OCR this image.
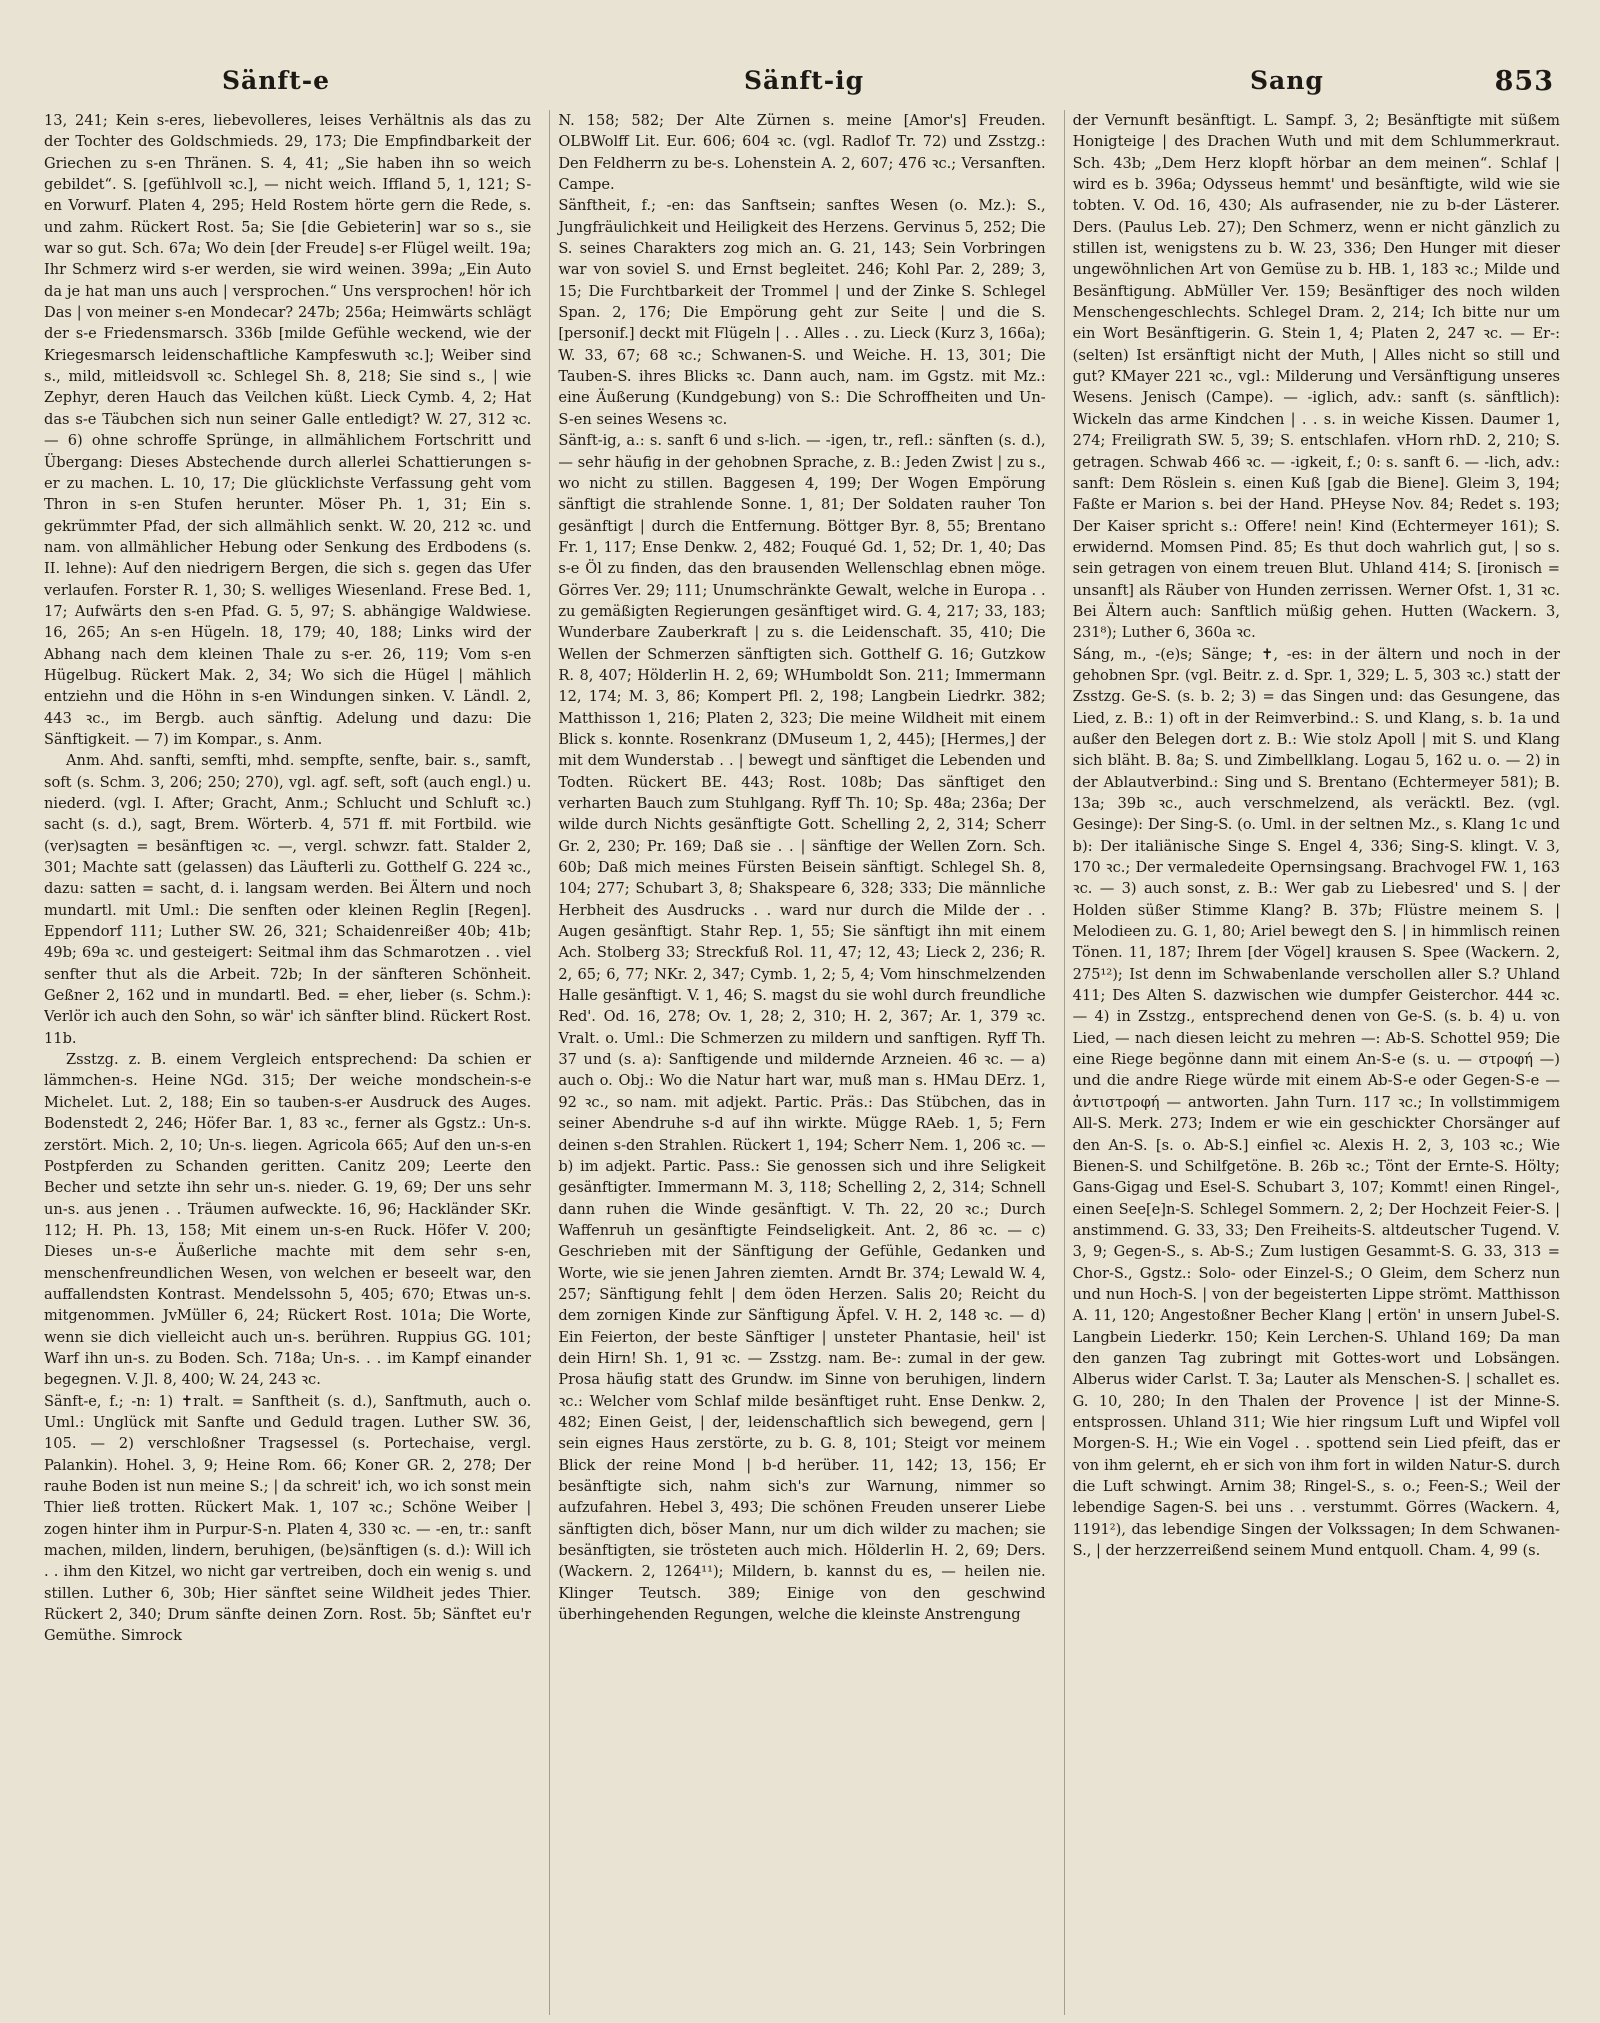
Sänft-e	Sänft-ig	Sang	853

13, 241; Kein s-eres, liebevolleres, leises Verhältnis als das zu der Tochter des Goldschmieds. 29, 173; Die Empfindbarkeit der Griechen zu s-en Thränen. S. 4, 41; „Sie haben ihn so weich gebildet“. S. [gefühlvoll ꝛc.], — nicht weich. Iffland 5, 1, 121; S-en Vorwurf. Platen 4, 295; Held Rostem hörte gern die Rede, s. und zahm. Rückert Rost. 5a; Sie [die Gebieterin] war so s., sie war so gut. Sch. 67a; Wo dein [der Freude] s-er Flügel weilt. 19a; Ihr Schmerz wird s-er werden, sie wird weinen. 399a; „Ein Auto da je hat man uns auch | versprochen.“ Uns versprochen! hör ich Das | von meiner s-en Mondecar? 247b; 256a; Heimwärts schlägt der s-e Friedensmarsch. 336b [milde Gefühle weckend, wie der Kriegesmarsch leidenschaftliche Kampfeswuth ꝛc.]; Weiber sind s., mild, mitleidsvoll ꝛc. Schlegel Sh. 8, 218; Sie sind s., | wie Zephyr, deren Hauch das Veilchen küßt. Lieck Cymb. 4, 2; Hat das s-e Täubchen sich nun seiner Galle entledigt? W. 27, 312 ꝛc. — 6) ohne schroffe Sprünge, in allmählichem Fortschritt und Übergang: Dieses Abstechende durch allerlei Schattierungen s-er zu machen. L. 10, 17; Die glücklichste Verfassung geht vom Thron in s-en Stufen herunter. Möser Ph. 1, 31; Ein s. gekrümmter Pfad, der sich allmählich senkt. W. 20, 212 ꝛc. und nam. von allmählicher Hebung oder Senkung des Erdbodens (s. II. lehne): Auf den niedrigern Bergen, die sich s. gegen das Ufer verlaufen. Forster R. 1, 30; S. welliges Wiesenland. Frese Bed. 1, 17; Aufwärts den s-en Pfad. G. 5, 97; S. abhängige Waldwiese. 16, 265; An s-en Hügeln. 18, 179; 40, 188; Links wird der Abhang nach dem kleinen Thale zu s-er. 26, 119; Vom s-en Hügelbug. Rückert Mak. 2, 34; Wo sich die Hügel | mählich entziehn und die Höhn in s-en Windungen sinken. V. Ländl. 2, 443 ꝛc., im Bergb. auch sänftig. Adelung und dazu: Die Sänftigkeit. — 7) im Kompar., s. Anm.

Anm. Ahd. sanfti, semfti, mhd. sempfte, senfte, bair. s., samft, soft (s. Schm. 3, 206; 250; 270), vgl. agf. seft, soft (auch engl.) u. niederd. (vgl. I. After; Gracht, Anm.; Schlucht und Schluft ꝛc.) sacht (s. d.), sagt, Brem. Wörterb. 4, 571 ff. mit Fortbild. wie (ver)sagten = besänftigen ꝛc. —, vergl. schwzr. fatt. Stalder 2, 301; Machte satt (gelassen) das Läufterli zu. Gotthelf G. 224 ꝛc., dazu: satten = sacht, d. i. langsam werden. Bei Ältern und noch mundartl. mit Uml.: Die senften oder kleinen Reglin [Regen]. Eppendorf 111; Luther SW. 26, 321; Schaidenreißer 40b; 41b; 49b; 69a ꝛc. und gesteigert: Seitmal ihm das Schmarotzen . . viel senfter thut als die Arbeit. 72b; In der sänfteren Schönheit. Geßner 2, 162 und in mundartl. Bed. = eher, lieber (s. Schm.): Verlör ich auch den Sohn, so wär' ich sänfter blind. Rückert Rost. 11b.

Zsstzg. z. B. einem Vergleich entsprechend: Da schien er lämmchen-s. Heine NGd. 315; Der weiche mondschein-s-e Michelet. Lut. 2, 188; Ein so tauben-s-er Ausdruck des Auges. Bodenstedt 2, 246; Höfer Bar. 1, 83 ꝛc., ferner als Ggstz.: Un-s. zerstört. Mich. 2, 10; Un-s. liegen. Agricola 665; Auf den un-s-en Postpferden zu Schanden geritten. Canitz 209; Leerte den Becher und setzte ihn sehr un-s. nieder. G. 19, 69; Der uns sehr un-s. aus jenen . . Träumen aufweckte. 16, 96; Hackländer SKr. 112; H. Ph. 13, 158; Mit einem un-s-en Ruck. Höfer V. 200; Dieses un-s-e Äußerliche machte mit dem sehr s-en, menschenfreundlichen Wesen, von welchen er beseelt war, den auffallendsten Kontrast. Mendelssohn 5, 405; 670; Etwas un-s. mitgenommen. JvMüller 6, 24; Rückert Rost. 101a; Die Worte, wenn sie dich vielleicht auch un-s. berühren. Ruppius GG. 101; Warf ihn un-s. zu Boden. Sch. 718a; Un-s. . . im Kampf einander begegnen. V. Jl. 8, 400; W. 24, 243 ꝛc.

Sänft-e, f.; -n: 1) ✝ralt. = Sanftheit (s. d.), Sanftmuth, auch o. Uml.: Unglück mit Sanfte und Geduld tragen. Luther SW. 36, 105. — 2) verschloßner Tragsessel (s. Portechaise, vergl. Palankin). Hohel. 3, 9; Heine Rom. 66; Koner GR. 2, 278; Der rauhe Boden ist nun meine S.; | da schreit' ich, wo ich sonst mein Thier ließ trotten. Rückert Mak. 1, 107 ꝛc.; Schöne Weiber | zogen hinter ihm in Purpur-S-n. Platen 4, 330 ꝛc. — -en, tr.: sanft machen, milden, lindern, beruhigen, (be)sänftigen (s. d.): Will ich . . ihm den Kitzel, wo nicht gar vertreiben, doch ein wenig s. und stillen. Luther 6, 30b; Hier sänftet seine Wildheit jedes Thier. Rückert 2, 340; Drum sänfte deinen Zorn. Rost. 5b; Sänftet eu'r Gemüthe. Simrock

N. 158; 582; Der Alte Zürnen s. meine [Amor's] Freuden. OLBWolff Lit. Eur. 606; 604 ꝛc. (vgl. Radlof Tr. 72) und Zsstzg.: Den Feldherrn zu be-s. Lohenstein A. 2, 607; 476 ꝛc.; Versanften. Campe.

Sänftheit, f.; -en: das Sanftsein; sanftes Wesen (o. Mz.): S., Jungfräulichkeit und Heiligkeit des Herzens. Gervinus 5, 252; Die S. seines Charakters zog mich an. G. 21, 143; Sein Vorbringen war von soviel S. und Ernst begleitet. 246; Kohl Par. 2, 289; 3, 15; Die Furchtbarkeit der Trommel | und der Zinke S. Schlegel Span. 2, 176; Die Empörung geht zur Seite | und die S. [personif.] deckt mit Flügeln | . . Alles . . zu. Lieck (Kurz 3, 166a); W. 33, 67; 68 ꝛc.; Schwanen-S. und Weiche. H. 13, 301; Die Tauben-S. ihres Blicks ꝛc. Dann auch, nam. im Ggstz. mit Mz.: eine Äußerung (Kundgebung) von S.: Die Schroffheiten und Un-S-en seines Wesens ꝛc.

Sänft-ig, a.: s. sanft 6 und s-lich. — -igen, tr., refl.: sänften (s. d.), — sehr häufig in der gehobnen Sprache, z. B.: Jeden Zwist | zu s., wo nicht zu stillen. Baggesen 4, 199; Der Wogen Empörung sänftigt die strahlende Sonne. 1, 81; Der Soldaten rauher Ton gesänftigt | durch die Entfernung. Böttger Byr. 8, 55; Brentano Fr. 1, 117; Ense Denkw. 2, 482; Fouqué Gd. 1, 52; Dr. 1, 40; Das s-e Öl zu finden, das den brausenden Wellenschlag ebnen möge. Görres Ver. 29; 111; Unumschränkte Gewalt, welche in Europa . . zu gemäßigten Regierungen gesänftiget wird. G. 4, 217; 33, 183; Wunderbare Zauberkraft | zu s. die Leidenschaft. 35, 410; Die Wellen der Schmerzen sänftigten sich. Gotthelf G. 16; Gutzkow R. 8, 407; Hölderlin H. 2, 69; WHumboldt Son. 211; Immermann 12, 174; M. 3, 86; Kompert Pfl. 2, 198; Langbein Liedrkr. 382; Matthisson 1, 216; Platen 2, 323; Die meine Wildheit mit einem Blick s. konnte. Rosenkranz (DMuseum 1, 2, 445); [Hermes,] der mit dem Wunderstab . . | bewegt und sänftiget die Lebenden und Todten. Rückert BE. 443; Rost. 108b; Das sänftiget den verharten Bauch zum Stuhlgang. Ryff Th. 10; Sp. 48a; 236a; Der wilde durch Nichts gesänftigte Gott. Schelling 2, 2, 314; Scherr Gr. 2, 230; Pr. 169; Daß sie . . | sänftige der Wellen Zorn. Sch. 60b; Daß mich meines Fürsten Beisein sänftigt. Schlegel Sh. 8, 104; 277; Schubart 3, 8; Shakspeare 6, 328; 333; Die männliche Herbheit des Ausdrucks . . ward nur durch die Milde der . . Augen gesänftigt. Stahr Rep. 1, 55; Sie sänftigt ihn mit einem Ach. Stolberg 33; Streckfuß Rol. 11, 47; 12, 43; Lieck 2, 236; R. 2, 65; 6, 77; NKr. 2, 347; Cymb. 1, 2; 5, 4; Vom hinschmelzenden Halle gesänftigt. V. 1, 46; S. magst du sie wohl durch freundliche Red'. Od. 16, 278; Ov. 1, 28; 2, 310; H. 2, 367; Ar. 1, 379 ꝛc. Vralt. o. Uml.: Die Schmerzen zu mildern und sanftigen. Ryff Th. 37 und (s. a): Sanftigende und mildernde Arzneien. 46 ꝛc. — a) auch o. Obj.: Wo die Natur hart war, muß man s. HMau DErz. 1, 92 ꝛc., so nam. mit adjekt. Partic. Präs.: Das Stübchen, das in seiner Abendruhe s-d auf ihn wirkte. Mügge RAeb. 1, 5; Fern deinen s-den Strahlen. Rückert 1, 194; Scherr Nem. 1, 206 ꝛc. — b) im adjekt. Partic. Pass.: Sie genossen sich und ihre Seligkeit gesänftigter. Immermann M. 3, 118; Schelling 2, 2, 314; Schnell dann ruhen die Winde gesänftigt. V. Th. 22, 20 ꝛc.; Durch Waffenruh un gesänftigte Feindseligkeit. Ant. 2, 86 ꝛc. — c) Geschrieben mit der Sänftigung der Gefühle, Gedanken und Worte, wie sie jenen Jahren ziemten. Arndt Br. 374; Lewald W. 4, 257; Sänftigung fehlt | dem öden Herzen. Salis 20; Reicht du dem zornigen Kinde zur Sänftigung Äpfel. V. H. 2, 148 ꝛc. — d) Ein Feierton, der beste Sänftiger | unsteter Phantasie, heil' ist dein Hirn! Sh. 1, 91 ꝛc. — Zsstzg. nam. Be-: zumal in der gew. Prosa häufig statt des Grundw. im Sinne von beruhigen, lindern ꝛc.: Welcher vom Schlaf milde besänftiget ruht. Ense Denkw. 2, 482; Einen Geist, | der, leidenschaftlich sich bewegend, gern | sein eignes Haus zerstörte, zu b. G. 8, 101; Steigt vor meinem Blick der reine Mond | b-d herüber. 11, 142; 13, 156; Er besänftigte sich, nahm sich's zur Warnung, nimmer so aufzufahren. Hebel 3, 493; Die schönen Freuden unserer Liebe sänftigten dich, böser Mann, nur um dich wilder zu machen; sie besänftigten, sie trösteten auch mich. Hölderlin H. 2, 69; Ders. (Wackern. 2, 1264¹¹); Mildern, b. kannst du es, — heilen nie. Klinger Teutsch. 389; Einige von den geschwind überhingehenden Regungen, welche die kleinste Anstrengung

der Vernunft besänftigt. L. Sampf. 3, 2; Besänftigte mit süßem Honigteige | des Drachen Wuth und mit dem Schlummerkraut. Sch. 43b; „Dem Herz klopft hörbar an dem meinen“. Schlaf | wird es b. 396a; Odysseus hemmt' und besänftigte, wild wie sie tobten. V. Od. 16, 430; Als aufrasender, nie zu b-der Lästerer. Ders. (Paulus Leb. 27); Den Schmerz, wenn er nicht gänzlich zu stillen ist, wenigstens zu b. W. 23, 336; Den Hunger mit dieser ungewöhnlichen Art von Gemüse zu b. HB. 1, 183 ꝛc.; Milde und Besänftigung. AbMüller Ver. 159; Besänftiger des noch wilden Menschengeschlechts. Schlegel Dram. 2, 214; Ich bitte nur um ein Wort Besänftigerin. G. Stein 1, 4; Platen 2, 247 ꝛc. — Er-: (selten) Ist ersänftigt nicht der Muth, | Alles nicht so still und gut? KMayer 221 ꝛc., vgl.: Milderung und Versänftigung unseres Wesens. Jenisch (Campe). — -iglich, adv.: sanft (s. sänftlich): Wickeln das arme Kindchen | . . s. in weiche Kissen. Daumer 1, 274; Freiligrath SW. 5, 39; S. entschlafen. vHorn rhD. 2, 210; S. getragen. Schwab 466 ꝛc. — -igkeit, f.; 0: s. sanft 6. — -lich, adv.: sanft: Dem Röslein s. einen Kuß [gab die Biene]. Gleim 3, 194; Faßte er Marion s. bei der Hand. PHeyse Nov. 84; Redet s. 193; Der Kaiser spricht s.: Offere! nein! Kind (Echtermeyer 161); S. erwidernd. Momsen Pind. 85; Es thut doch wahrlich gut, | so s. sein getragen von einem treuen Blut. Uhland 414; S. [ironisch = unsanft] als Räuber von Hunden zerrissen. Werner Ofst. 1, 31 ꝛc. Bei Ältern auch: Sanftlich müßig gehen. Hutten (Wackern. 3, 231⁸); Luther 6, 360a ꝛc.

Sáng, m., -(e)s; Sänge; ✝, -es: in der ältern und noch in der gehobnen Spr. (vgl. Beitr. z. d. Spr. 1, 329; L. 5, 303 ꝛc.) statt der Zsstzg. Ge-S. (s. b. 2; 3) = das Singen und: das Gesungene, das Lied, z. B.: 1) oft in der Reimverbind.: S. und Klang, s. b. 1a und außer den Belegen dort z. B.: Wie stolz Apoll | mit S. und Klang sich bläht. B. 8a; S. und Zimbellklang. Logau 5, 162 u. o. — 2) in der Ablautverbind.: Sing und S. Brentano (Echtermeyer 581); B. 13a; 39b ꝛc., auch verschmelzend, als veräcktl. Bez. (vgl. Gesinge): Der Sing-S. (o. Uml. in der seltnen Mz., s. Klang 1c und b): Der italiänische Singe S. Engel 4, 336; Sing-S. klingt. V. 3, 170 ꝛc.; Der vermaledeite Opernsingsang. Brachvogel FW. 1, 163 ꝛc. — 3) auch sonst, z. B.: Wer gab zu Liebesred' und S. | der Holden süßer Stimme Klang? B. 37b; Flüstre meinem S. | Melodieen zu. G. 1, 80; Ariel bewegt den S. | in himmlisch reinen Tönen. 11, 187; Ihrem [der Vögel] krausen S. Spee (Wackern. 2, 275¹²); Ist denn im Schwabenlande verschollen aller S.? Uhland 411; Des Alten S. dazwischen wie dumpfer Geisterchor. 444 ꝛc. — 4) in Zsstzg., entsprechend denen von Ge-S. (s. b. 4) u. von Lied, — nach diesen leicht zu mehren —: Ab-S. Schottel 959; Die eine Riege begönne dann mit einem An-S-e (s. u. — στροφή —) und die andre Riege würde mit einem Ab-S-e oder Gegen-S-e — ἀντιστροφή — antworten. Jahn Turn. 117 ꝛc.; In vollstimmigem All-S. Merk. 273; Indem er wie ein geschickter Chorsänger auf den An-S. [s. o. Ab-S.] einfiel ꝛc. Alexis H. 2, 3, 103 ꝛc.; Wie Bienen-S. und Schilfgetöne. B. 26b ꝛc.; Tönt der Ernte-S. Hölty; Gans-Gigag und Esel-S. Schubart 3, 107; Kommt! einen Ringel-, einen See[e]n-S. Schlegel Sommern. 2, 2; Der Hochzeit Feier-S. | anstimmend. G. 33, 33; Den Freiheits-S. altdeutscher Tugend. V. 3, 9; Gegen-S., s. Ab-S.; Zum lustigen Gesammt-S. G. 33, 313 = Chor-S., Ggstz.: Solo- oder Einzel-S.; O Gleim, dem Scherz nun und nun Hoch-S. | von der begeisterten Lippe strömt. Matthisson A. 11, 120; Angestoßner Becher Klang | ertön' in unsern Jubel-S. Langbein Liederkr. 150; Kein Lerchen-S. Uhland 169; Da man den ganzen Tag zubringt mit Gottes-wort und Lobsängen. Alberus wider Carlst. T. 3a; Lauter als Menschen-S. | schallet es. G. 10, 280; In den Thalen der Provence | ist der Minne-S. entsprossen. Uhland 311; Wie hier ringsum Luft und Wipfel voll Morgen-S. H.; Wie ein Vogel . . spottend sein Lied pfeift, das er von ihm gelernt, eh er sich von ihm fort in wilden Natur-S. durch die Luft schwingt. Arnim 38; Ringel-S., s. o.; Feen-S.; Weil der lebendige Sagen-S. bei uns . . verstummt. Görres (Wackern. 4, 1191²), das lebendige Singen der Volkssagen; In dem Schwanen-S., | der herzzerreißend seinem Mund entquoll. Cham. 4, 99 (s.
